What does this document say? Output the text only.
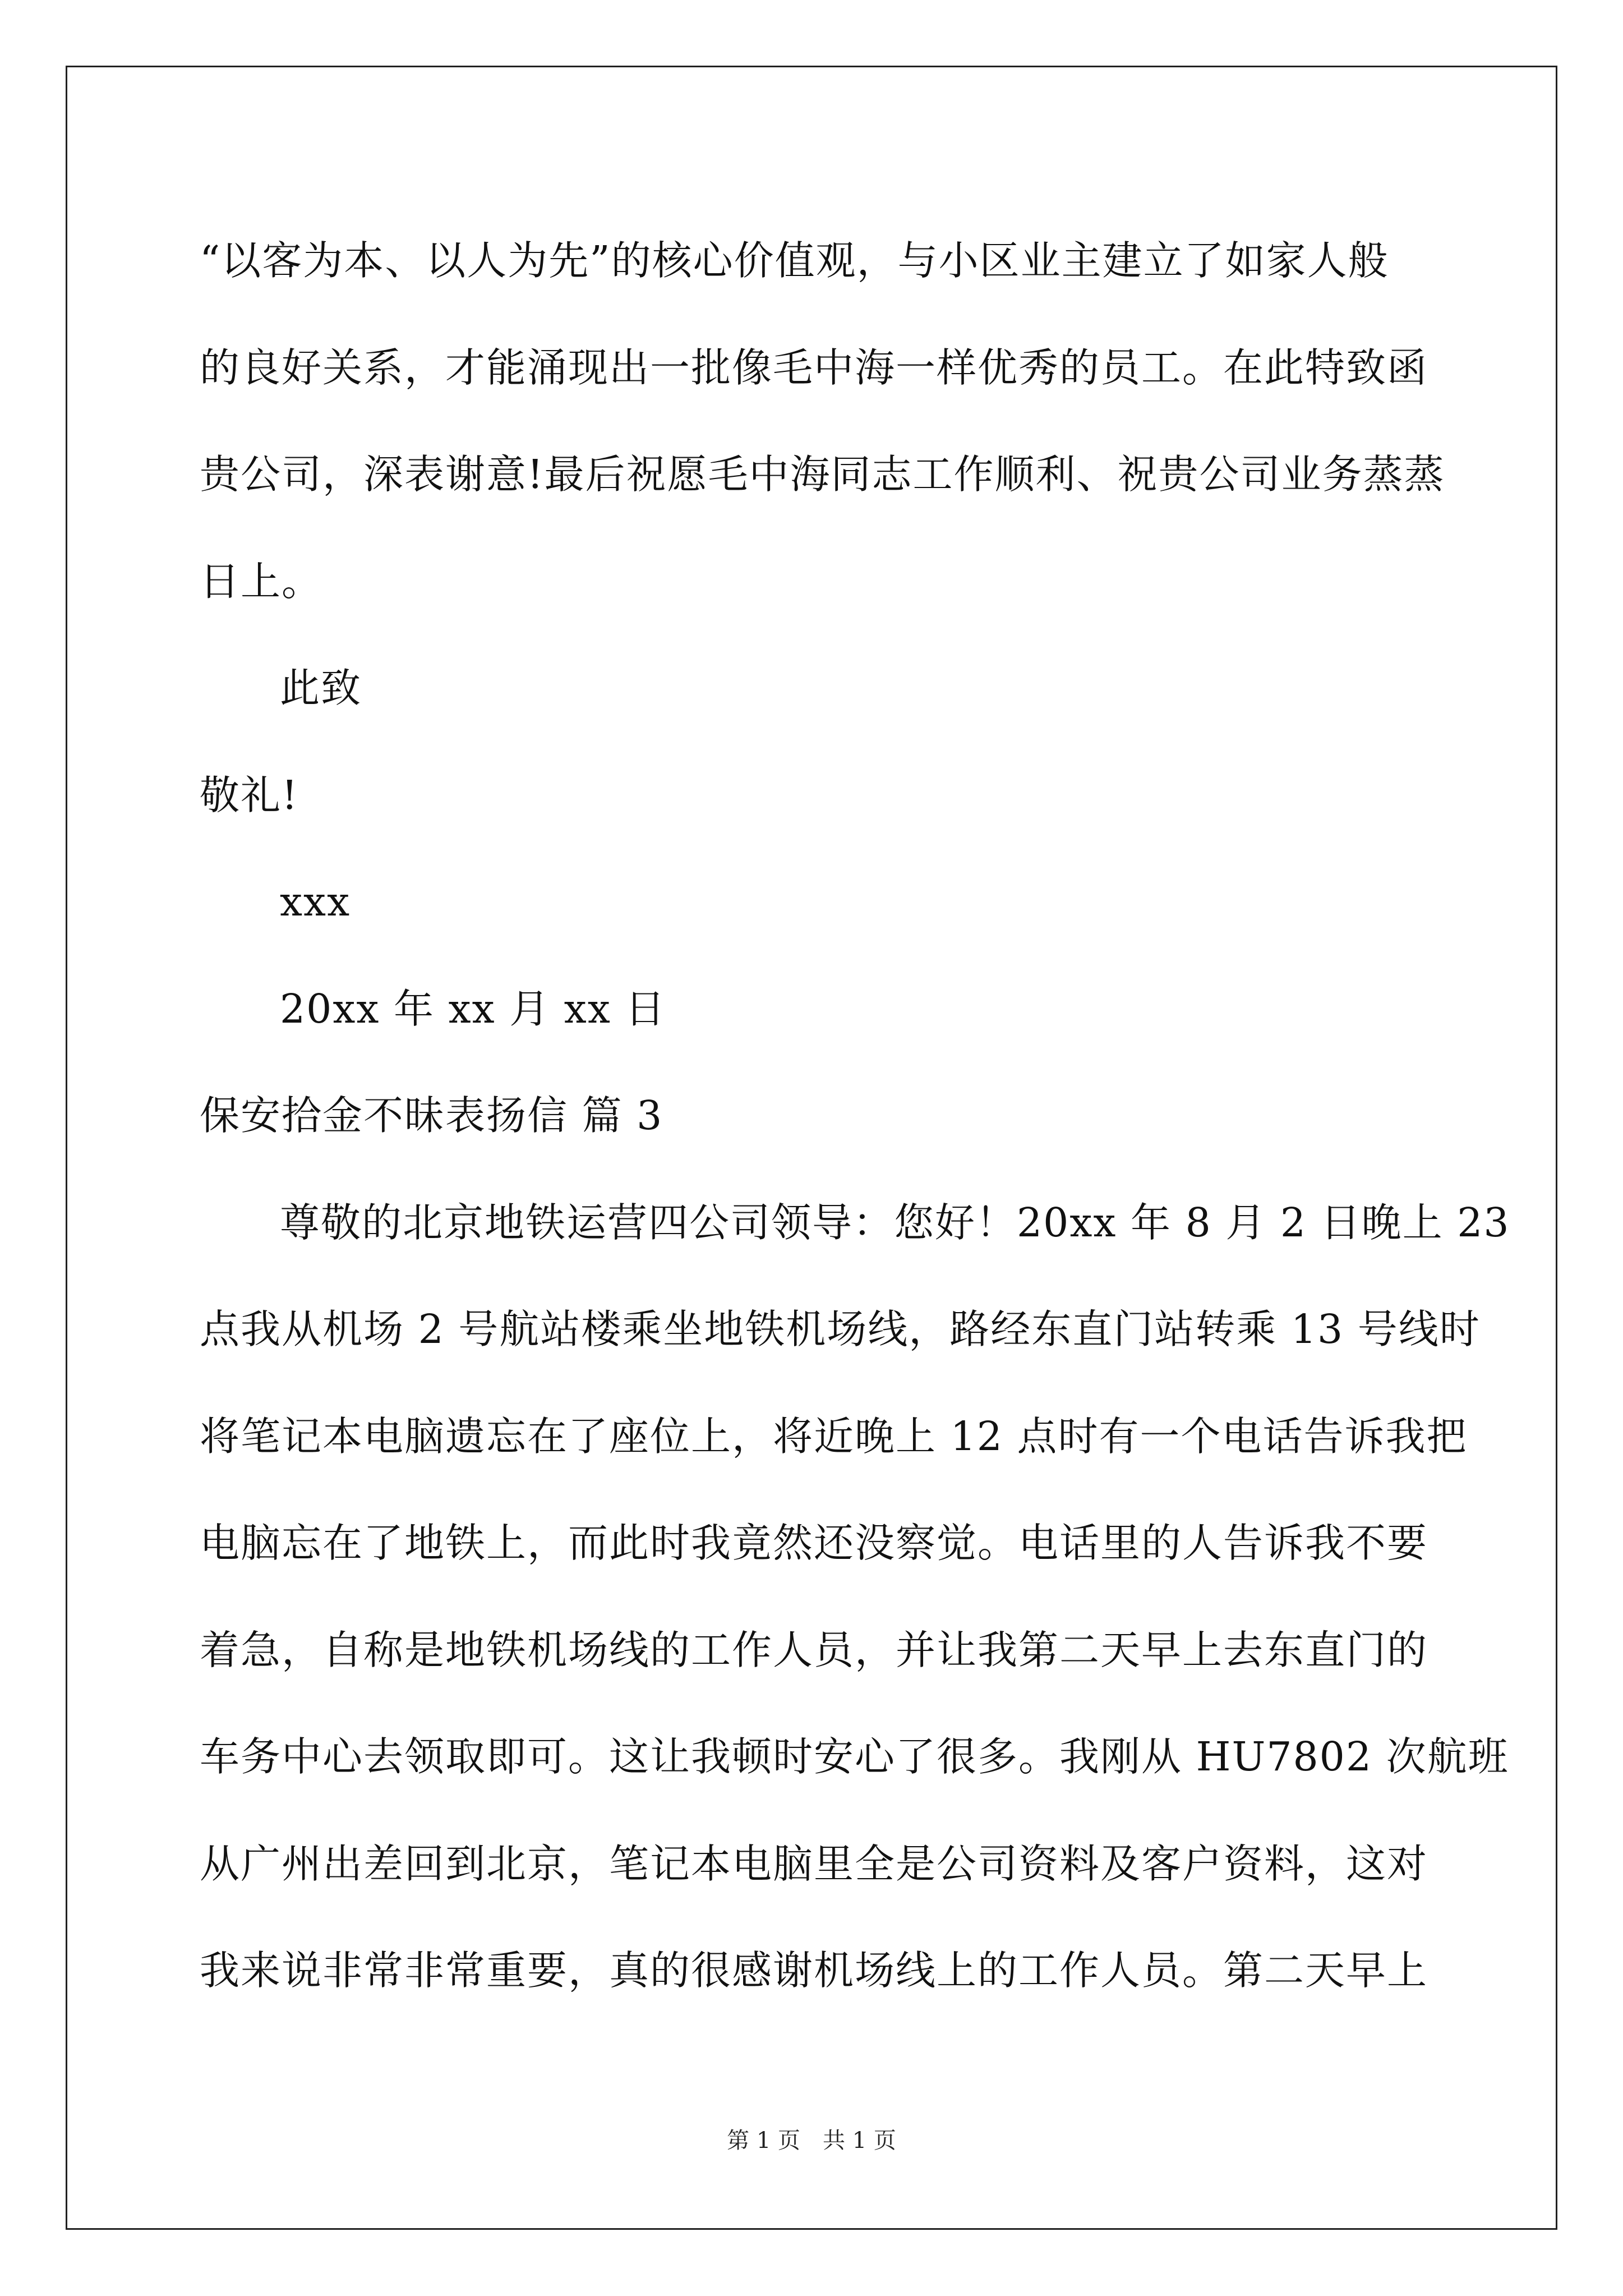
“以客为本、以人为先”的核心价值观，与小区业主建立了如家人般
的良好关系，才能涌现出一批像毛中海一样优秀的员工。在此特致函
贵公司，深表谢意!最后祝愿毛中海同志工作顺利、祝贵公司业务蒸蒸
日上。
此致
敬礼!
xxx
20xx 年 xx 月 xx 日
保安拾金不昧表扬信 篇 3
尊敬的北京地铁运营四公司领导：您好！20xx 年 8 月 2 日晚上 23
点我从机场 2 号航站楼乘坐地铁机场线，路经东直门站转乘 13 号线时
将笔记本电脑遗忘在了座位上，将近晚上 12 点时有一个电话告诉我把
电脑忘在了地铁上，而此时我竟然还没察觉。电话里的人告诉我不要
着急，自称是地铁机场线的工作人员，并让我第二天早上去东直门的
车务中心去领取即可。这让我顿时安心了很多。我刚从 HU7802 次航班
从广州出差回到北京，笔记本电脑里全是公司资料及客户资料，这对
我来说非常非常重要，真的很感谢机场线上的工作人员。第二天早上
第 1 页 共 1 页
